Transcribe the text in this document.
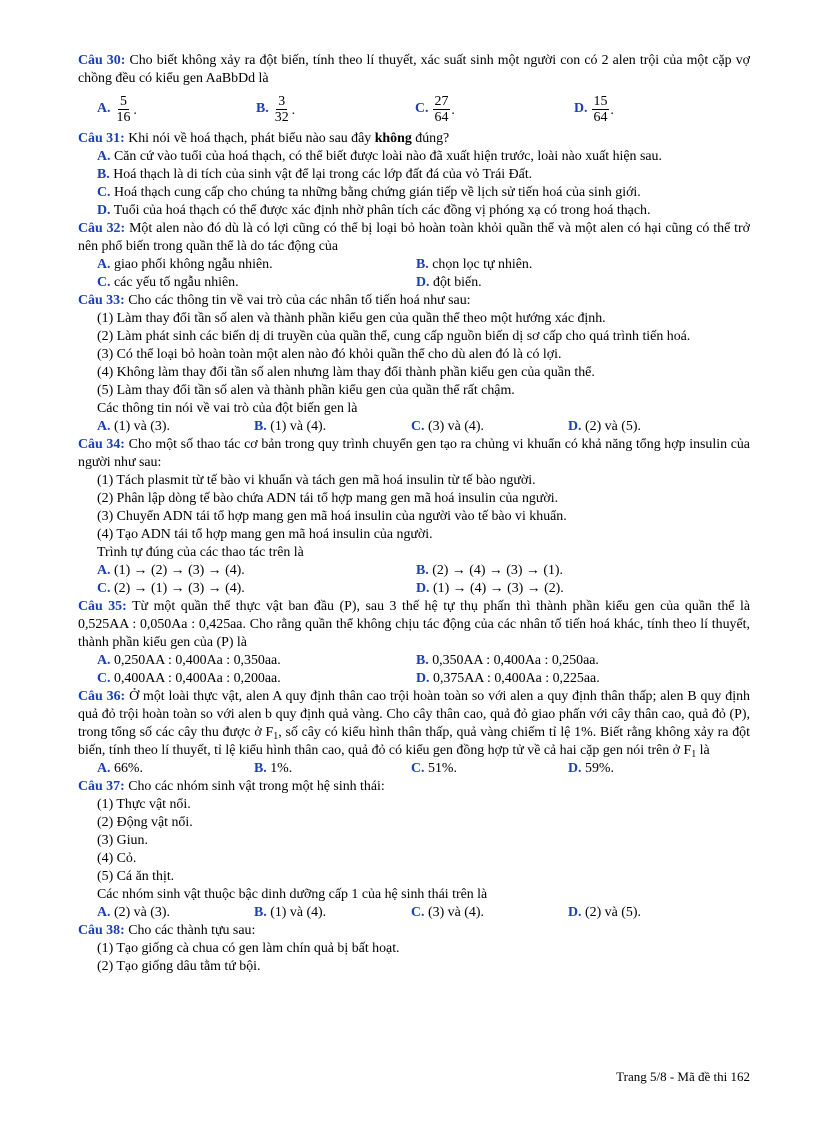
Câu 30: Cho biết không xảy ra đột biến, tính theo lí thuyết, xác suất sinh một người con có 2 alen trội của một cặp vợ chồng đều có kiểu gen AaBbDd là

A. $\frac{5}{16}$ .	B. $\frac{3}{32}$ .	C. $\frac{27}{64}$ .	D. $\frac{15}{64}$ .

Câu 31: Khi nói về hoá thạch, phát biểu nào sau đây không đúng?

A. Căn cứ vào tuổi của hoá thạch, có thể biết được loài nào đã xuất hiện trước, loài nào xuất hiện sau.

B. Hoá thạch là di tích của sinh vật để lại trong các lớp đất đá của vỏ Trái Đất.

C. Hoá thạch cung cấp cho chúng ta những bằng chứng gián tiếp về lịch sử tiến hoá của sinh giới.

D. Tuổi của hoá thạch có thể được xác định nhờ phân tích các đồng vị phóng xạ có trong hoá thạch.

Câu 32: Một alen nào đó dù là có lợi cũng có thể bị loại bỏ hoàn toàn khỏi quần thể và một alen có hại cũng có thể trở nên phổ biến trong quần thể là do tác động của

A. giao phối không ngẫu nhiên.	B. chọn lọc tự nhiên.
C. các yếu tố ngẫu nhiên.	D. đột biến.

Câu 33: Cho các thông tin về vai trò của các nhân tố tiến hoá như sau:

(1) Làm thay đổi tần số alen và thành phần kiểu gen của quần thể theo một hướng xác định.

(2) Làm phát sinh các biến dị di truyền của quần thể, cung cấp nguồn biến dị sơ cấp cho quá trình tiến hoá.

(3) Có thể loại bỏ hoàn toàn một alen nào đó khỏi quần thể cho dù alen đó là có lợi.

(4) Không làm thay đổi tần số alen nhưng làm thay đổi thành phần kiểu gen của quần thể.

(5) Làm thay đổi tần số alen và thành phần kiểu gen của quần thể rất chậm.

Các thông tin nói về vai trò của đột biến gen là

A. (1) và (3).	B. (1) và (4).	C. (3) và (4).	D. (2) và (5).

Câu 34: Cho một số thao tác cơ bản trong quy trình chuyển gen tạo ra chủng vi khuẩn có khả năng tổng hợp insulin của người như sau:

(1) Tách plasmit từ tế bào vi khuẩn và tách gen mã hoá insulin từ tế bào người.

(2) Phân lập dòng tế bào chứa ADN tái tổ hợp mang gen mã hoá insulin của người.

(3) Chuyển ADN tái tổ hợp mang gen mã hoá insulin của người vào tế bào vi khuẩn.

(4) Tạo ADN tái tổ hợp mang gen mã hoá insulin của người.

Trình tự đúng của các thao tác trên là

A. (1) → (2) → (3) → (4).	B. (2) → (4) → (3) → (1).
C. (2) → (1) → (3) → (4).	D. (1) → (4) → (3) → (2).

Câu 35: Từ một quần thể thực vật ban đầu (P), sau 3 thế hệ tự thụ phấn thì thành phần kiểu gen của quần thể là 0,525AA : 0,050Aa : 0,425aa. Cho rằng quần thể không chịu tác động của các nhân tố tiến hoá khác, tính theo lí thuyết, thành phần kiểu gen của (P) là

A. 0,250AA : 0,400Aa : 0,350aa.	B. 0,350AA : 0,400Aa : 0,250aa.
C. 0,400AA : 0,400Aa : 0,200aa.	D. 0,375AA : 0,400Aa : 0,225aa.

Câu 36: Ở một loài thực vật, alen A quy định thân cao trội hoàn toàn so với alen a quy định thân thấp; alen B quy định quả đỏ trội hoàn toàn so với alen b quy định quả vàng. Cho cây thân cao, quả đỏ giao phấn với cây thân cao, quả đỏ (P), trong tổng số các cây thu được ở $F_1$, số cây có kiểu hình thân thấp, quả vàng chiếm tỉ lệ 1%. Biết rằng không xảy ra đột biến, tính theo lí thuyết, tỉ lệ kiểu hình thân cao, quả đỏ có kiểu gen đồng hợp tử về cả hai cặp gen nói trên ở $F_1$ là

A. 66%.	B. 1%.	C. 51%.	D. 59%.

Câu 37: Cho các nhóm sinh vật trong một hệ sinh thái:

(1) Thực vật nổi.

(2) Động vật nổi.

(3) Giun.

(4) Cỏ.

(5) Cá ăn thịt.

Các nhóm sinh vật thuộc bậc dinh dưỡng cấp 1 của hệ sinh thái trên là

A. (2) và (3).	B. (1) và (4).	C. (3) và (4).	D. (2) và (5).

Câu 38: Cho các thành tựu sau:

(1) Tạo giống cà chua có gen làm chín quả bị bất hoạt.

(2) Tạo giống dâu tằm tứ bội.

Trang 5/8 - Mã đề thi 162
